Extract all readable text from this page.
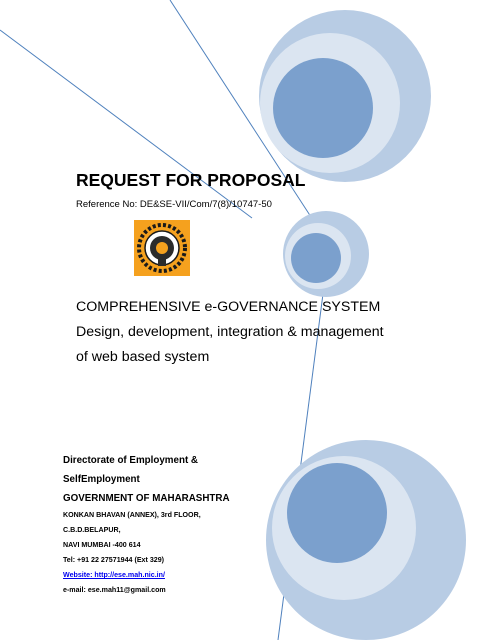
REQUEST FOR PROPOSAL
Reference No: DE&SE-VII/Com/7(8)/10747-50
COMPREHENSIVE e-GOVERNANCE SYSTEM
Design, development, integration & management
of web based system
Directorate of Employment &
SelfEmployment
GOVERNMENT OF MAHARASHTRA
KONKAN BHAVAN (ANNEX), 3rd FLOOR,
C.B.D.BELAPUR,
NAVI MUMBAI -400 614
Tel: +91 22 27571944 (Ext 329)
Website: http://ese.mah.nic.in/
e-mail: ese.mah11@gmail.com
